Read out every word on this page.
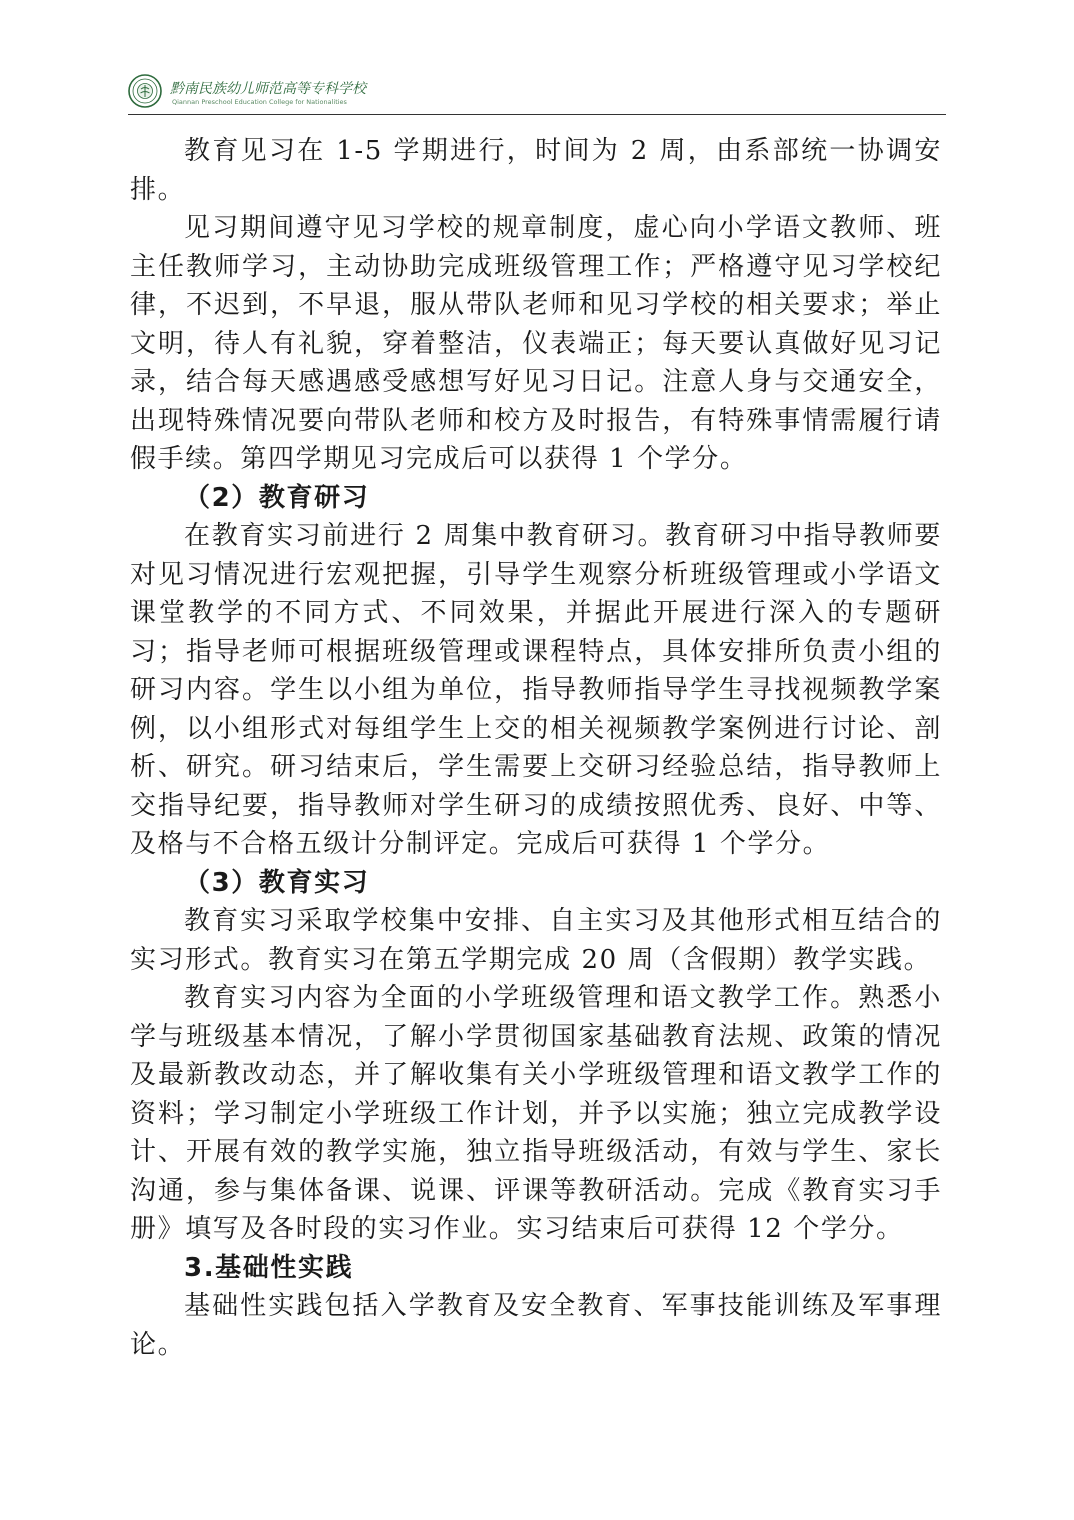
黔南民族幼儿师范高等专科学校
Qiannan Preschool Education College for Nationalities

教育见习在 1-5 学期进行，时间为 2 周，由系部统一协调安排。

见习期间遵守见习学校的规章制度，虚心向小学语文教师、班主任教师学习，主动协助完成班级管理工作；严格遵守见习学校纪律，不迟到，不早退，服从带队老师和见习学校的相关要求；举止文明，待人有礼貌，穿着整洁，仪表端正；每天要认真做好见习记录，结合每天感遇感受感想写好见习日记。注意人身与交通安全，出现特殊情况要向带队老师和校方及时报告，有特殊事情需履行请假手续。第四学期见习完成后可以获得 1 个学分。

（2）教育研习

在教育实习前进行 2 周集中教育研习。教育研习中指导教师要对见习情况进行宏观把握，引导学生观察分析班级管理或小学语文课堂教学的不同方式、不同效果，并据此开展进行深入的专题研习；指导老师可根据班级管理或课程特点，具体安排所负责小组的研习内容。学生以小组为单位，指导教师指导学生寻找视频教学案例，以小组形式对每组学生上交的相关视频教学案例进行讨论、剖析、研究。研习结束后，学生需要上交研习经验总结，指导教师上交指导纪要，指导教师对学生研习的成绩按照优秀、良好、中等、及格与不合格五级计分制评定。完成后可获得 1 个学分。

（3）教育实习

教育实习采取学校集中安排、自主实习及其他形式相互结合的实习形式。教育实习在第五学期完成 20 周（含假期）教学实践。

教育实习内容为全面的小学班级管理和语文教学工作。熟悉小学与班级基本情况，了解小学贯彻国家基础教育法规、政策的情况及最新教改动态，并了解收集有关小学班级管理和语文教学工作的资料；学习制定小学班级工作计划，并予以实施；独立完成教学设计、开展有效的教学实施，独立指导班级活动，有效与学生、家长沟通，参与集体备课、说课、评课等教研活动。完成《教育实习手册》填写及各时段的实习作业。实习结束后可获得 12 个学分。

3.基础性实践

基础性实践包括入学教育及安全教育、军事技能训练及军事理论。
